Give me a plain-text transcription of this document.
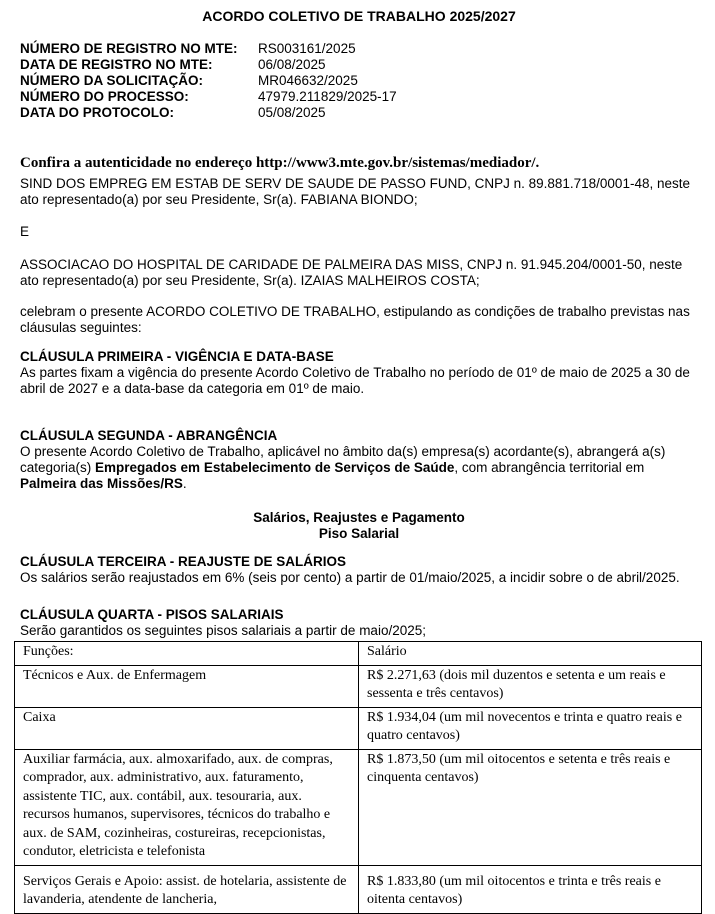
ACORDO COLETIVO DE TRABALHO 2025/2027
NÚMERO DE REGISTRO NO MTE:	RS003161/2025
DATA DE REGISTRO NO MTE:	06/08/2025
NÚMERO DA SOLICITAÇÃO:	MR046632/2025
NÚMERO DO PROCESSO:	47979.211829/2025-17
DATA DO PROTOCOLO:	05/08/2025

Confira a autenticidade no endereço http://www3.mte.gov.br/sistemas/mediador/.

SIND DOS EMPREG EM ESTAB DE SERV DE SAUDE DE PASSO FUND, CNPJ n. 89.881.718/0001-48, neste ato representado(a) por seu Presidente, Sr(a). FABIANA BIONDO;

E

ASSOCIACAO DO HOSPITAL DE CARIDADE DE PALMEIRA DAS MISS, CNPJ n. 91.945.204/0001-50, neste ato representado(a) por seu Presidente, Sr(a). IZAIAS MALHEIROS COSTA;

celebram o presente ACORDO COLETIVO DE TRABALHO, estipulando as condições de trabalho previstas nas cláusulas seguintes:

CLÁUSULA PRIMEIRA - VIGÊNCIA E DATA-BASE

As partes fixam a vigência do presente Acordo Coletivo de Trabalho no período de 01º de maio de 2025 a 30 de abril de 2027 e a data-base da categoria em 01º de maio.

CLÁUSULA SEGUNDA - ABRANGÊNCIA

O presente Acordo Coletivo de Trabalho, aplicável no âmbito da(s) empresa(s) acordante(s), abrangerá a(s) categoria(s) Empregados em Estabelecimento de Serviços de Saúde, com abrangência territorial em Palmeira das Missões/RS.

Salários, Reajustes e Pagamento
Piso Salarial

CLÁUSULA TERCEIRA - REAJUSTE DE SALÁRIOS

Os salários serão reajustados em 6% (seis por cento) a partir de 01/maio/2025, a incidir sobre o de abril/2025.

CLÁUSULA QUARTA - PISOS SALARIAIS

Serão garantidos os seguintes pisos salariais a partir de maio/2025;

Funções:	Salário
Técnicos e Aux. de Enfermagem	R$ 2.271,63 (dois mil duzentos e setenta e um reais e sessenta e três centavos)
Caixa	R$ 1.934,04 (um mil novecentos e trinta e quatro reais e quatro centavos)
Auxiliar farmácia, aux. almoxarifado, aux. de compras, comprador, aux. administrativo, aux. faturamento, assistente TIC, aux. contábil, aux. tesouraria, aux. recursos humanos, supervisores, técnicos do trabalho e aux. de SAM, cozinheiras, costureiras, recepcionistas, condutor, eletricista e telefonista	R$ 1.873,50 (um mil oitocentos e setenta e três reais e cinquenta centavos)
Serviços Gerais e Apoio: assist. de hotelaria, assistente de lavanderia, atendente de lancheria,	R$ 1.833,80 (um mil oitocentos e trinta e três reais e oitenta centavos)
